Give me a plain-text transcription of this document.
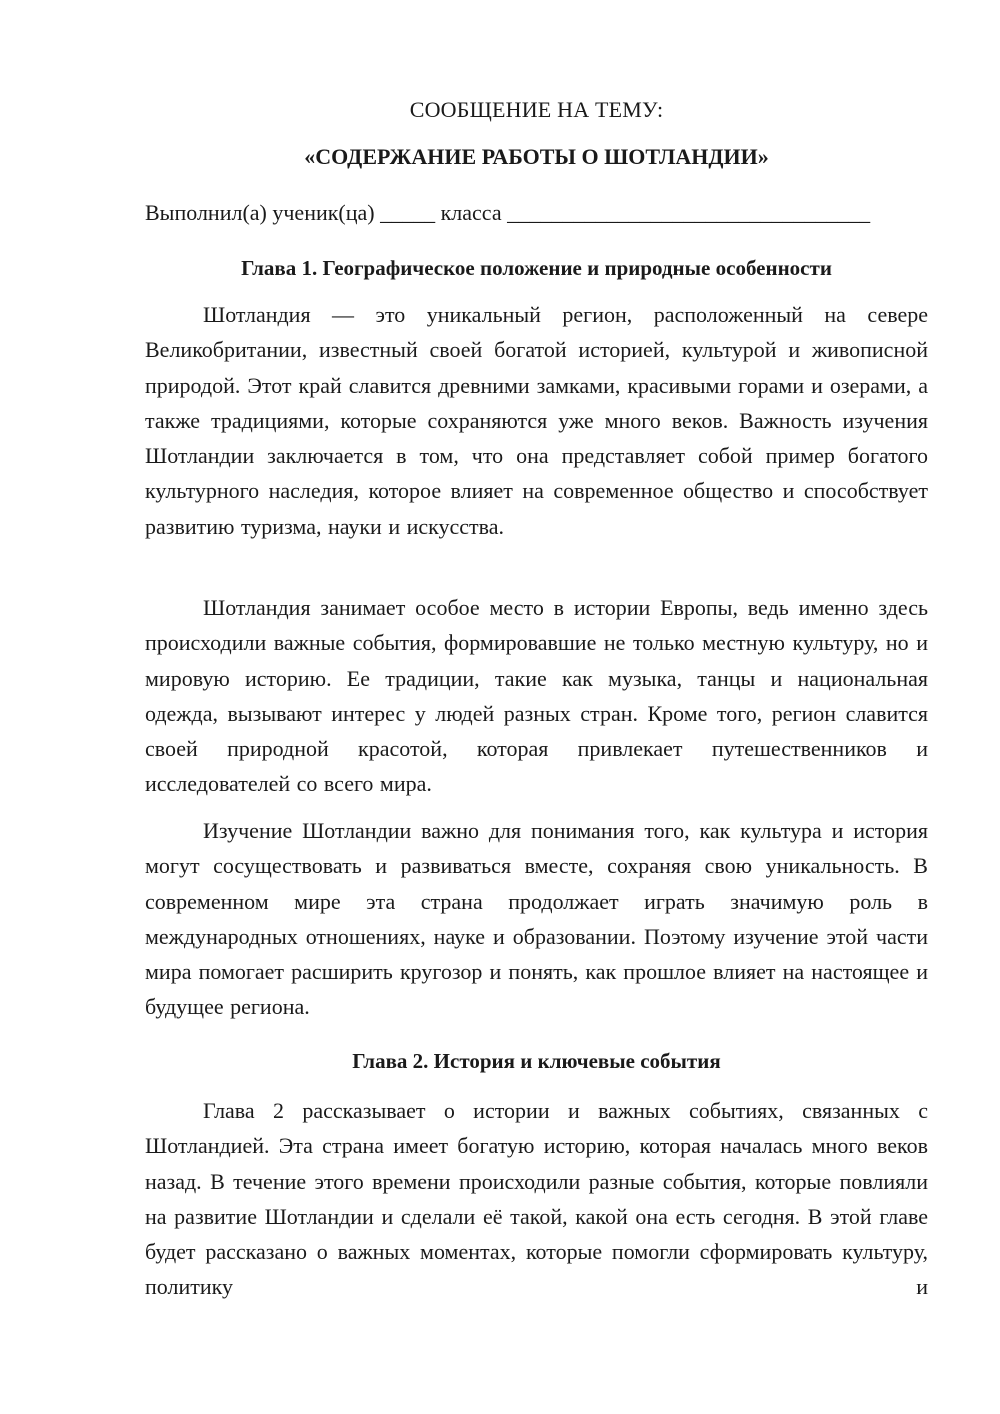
СООБЩЕНИЕ НА ТЕМУ:

«СОДЕРЖАНИЕ РАБОТЫ О ШОТЛАНДИИ»

Выполнил(а) ученик(ца) _____ класса _________________________________

Глава 1. Географическое положение и природные особенности

Шотландия — это уникальный регион, расположенный на севере Великобритании, известный своей богатой историей, культурой и живописной природой. Этот край славится древними замками, красивыми горами и озерами, а также традициями, которые сохраняются уже много веков. Важность изучения Шотландии заключается в том, что она представляет собой пример богатого культурного наследия, которое влияет на современное общество и способствует развитию туризма, науки и искусства.

Шотландия занимает особое место в истории Европы, ведь именно здесь происходили важные события, формировавшие не только местную культуру, но и мировую историю. Ее традиции, такие как музыка, танцы и национальная одежда, вызывают интерес у людей разных стран. Кроме того, регион славится своей природной красотой, которая привлекает путешественников и исследователей со всего мира.

Изучение Шотландии важно для понимания того, как культура и история могут сосуществовать и развиваться вместе, сохраняя свою уникальность. В современном мире эта страна продолжает играть значимую роль в международных отношениях, науке и образовании. Поэтому изучение этой части мира помогает расширить кругозор и понять, как прошлое влияет на настоящее и будущее региона.

Глава 2. История и ключевые события

Глава 2 рассказывает о истории и важных событиях, связанных с Шотландией. Эта страна имеет богатую историю, которая началась много веков назад. В течение этого времени происходили разные события, которые повлияли на развитие Шотландии и сделали её такой, какой она есть сегодня. В этой главе будет рассказано о важных моментах, которые помогли сформировать культуру, политику и
